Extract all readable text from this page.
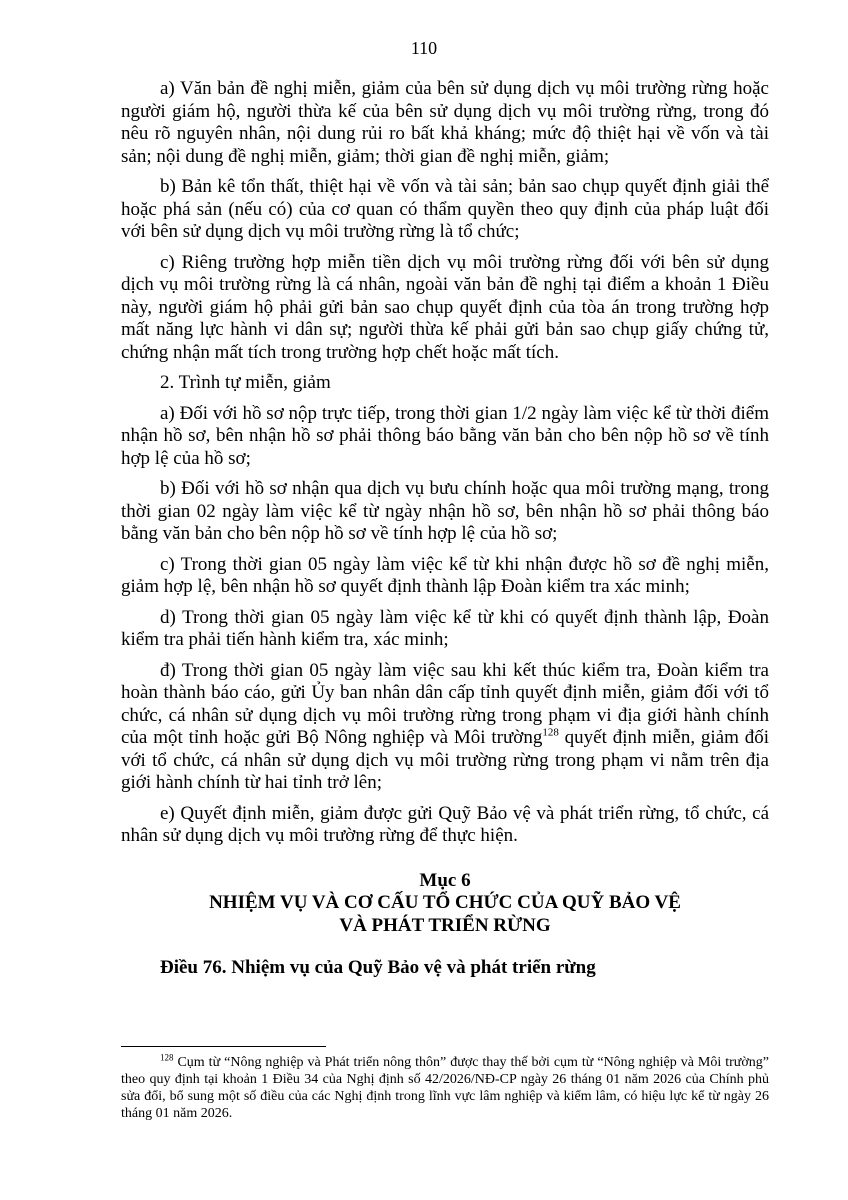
110

a) Văn bản đề nghị miễn, giảm của bên sử dụng dịch vụ môi trường rừng hoặc người giám hộ, người thừa kế của bên sử dụng dịch vụ môi trường rừng, trong đó nêu rõ nguyên nhân, nội dung rủi ro bất khả kháng; mức độ thiệt hại về vốn và tài sản; nội dung đề nghị miễn, giảm; thời gian đề nghị miễn, giảm;

b) Bản kê tổn thất, thiệt hại về vốn và tài sản; bản sao chụp quyết định giải thể hoặc phá sản (nếu có) của cơ quan có thẩm quyền theo quy định của pháp luật đối với bên sử dụng dịch vụ môi trường rừng là tổ chức;

c) Riêng trường hợp miễn tiền dịch vụ môi trường rừng đối với bên sử dụng dịch vụ môi trường rừng là cá nhân, ngoài văn bản đề nghị tại điểm a khoản 1 Điều này, người giám hộ phải gửi bản sao chụp quyết định của tòa án trong trường hợp mất năng lực hành vi dân sự; người thừa kế phải gửi bản sao chụp giấy chứng tử, chứng nhận mất tích trong trường hợp chết hoặc mất tích.

2. Trình tự miễn, giảm

a) Đối với hồ sơ nộp trực tiếp, trong thời gian 1/2 ngày làm việc kể từ thời điểm nhận hồ sơ, bên nhận hồ sơ phải thông báo bằng văn bản cho bên nộp hồ sơ về tính hợp lệ của hồ sơ;

b) Đối với hồ sơ nhận qua dịch vụ bưu chính hoặc qua môi trường mạng, trong thời gian 02 ngày làm việc kể từ ngày nhận hồ sơ, bên nhận hồ sơ phải thông báo bằng văn bản cho bên nộp hồ sơ về tính hợp lệ của hồ sơ;

c) Trong thời gian 05 ngày làm việc kể từ khi nhận được hồ sơ đề nghị miễn, giảm hợp lệ, bên nhận hồ sơ quyết định thành lập Đoàn kiểm tra xác minh;

d) Trong thời gian 05 ngày làm việc kể từ khi có quyết định thành lập, Đoàn kiểm tra phải tiến hành kiểm tra, xác minh;

đ) Trong thời gian 05 ngày làm việc sau khi kết thúc kiểm tra, Đoàn kiểm tra hoàn thành báo cáo, gửi Ủy ban nhân dân cấp tỉnh quyết định miễn, giảm đối với tổ chức, cá nhân sử dụng dịch vụ môi trường rừng trong phạm vi địa giới hành chính của một tỉnh hoặc gửi Bộ Nông nghiệp và Môi trường$^{128}$ quyết định miễn, giảm đối với tổ chức, cá nhân sử dụng dịch vụ môi trường rừng trong phạm vi nằm trên địa giới hành chính từ hai tỉnh trở lên;

e) Quyết định miễn, giảm được gửi Quỹ Bảo vệ và phát triển rừng, tổ chức, cá nhân sử dụng dịch vụ môi trường rừng để thực hiện.

Mục 6
NHIỆM VỤ VÀ CƠ CẤU TỔ CHỨC CỦA QUỸ BẢO VỆ
VÀ PHÁT TRIỂN RỪNG
Điều 76. Nhiệm vụ của Quỹ Bảo vệ và phát triển rừng

$^{128}$ Cụm từ “Nông nghiệp và Phát triển nông thôn” được thay thế bởi cụm từ “Nông nghiệp và Môi trường” theo quy định tại khoản 1 Điều 34 của Nghị định số 42/2026/NĐ-CP ngày 26 tháng 01 năm 2026 của Chính phủ sửa đổi, bổ sung một số điều của các Nghị định trong lĩnh vực lâm nghiệp và kiểm lâm, có hiệu lực kể từ ngày 26 tháng 01 năm 2026.
